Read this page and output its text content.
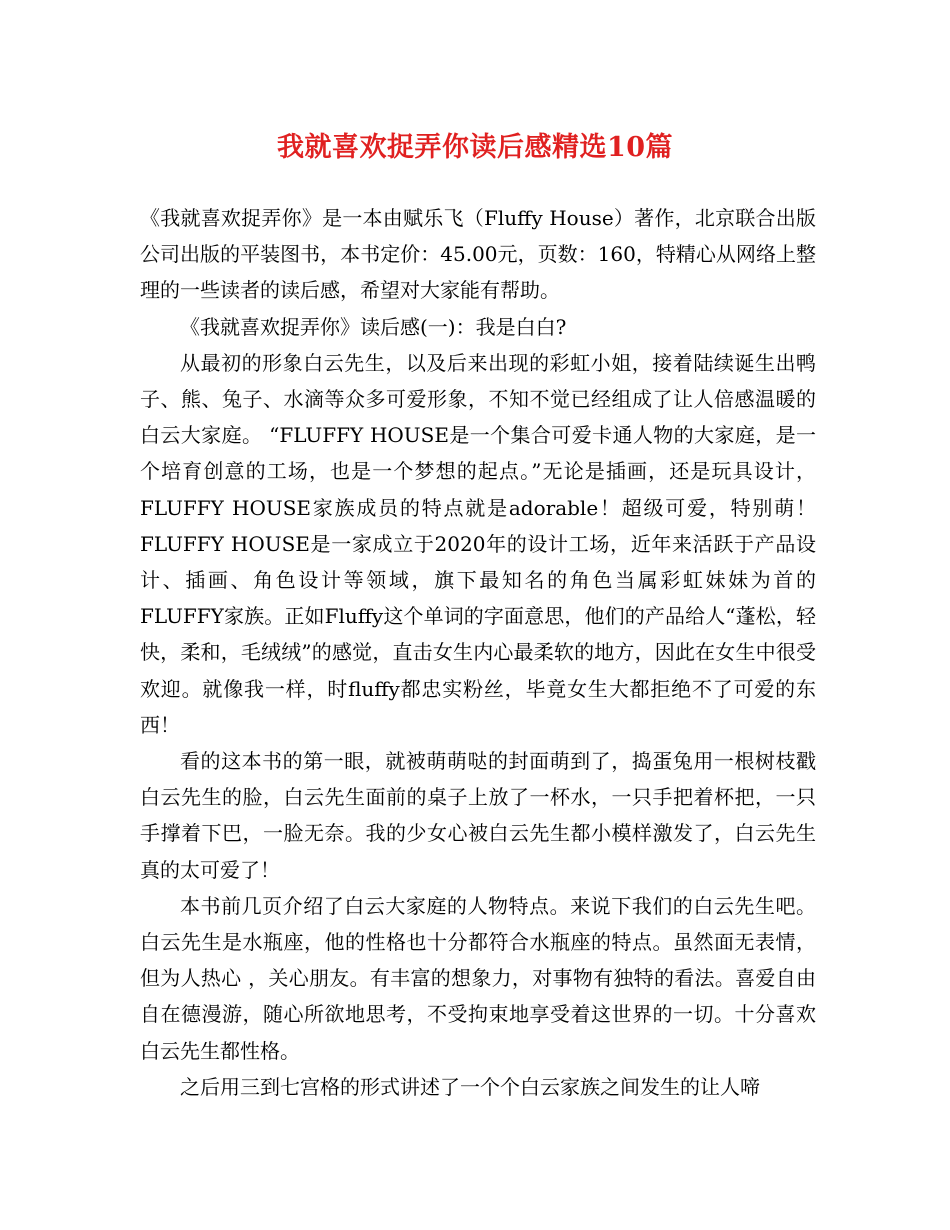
我就喜欢捉弄你读后感精选10篇

《我就喜欢捉弄你》是一本由赋乐飞（Fluffy House）著作，北京联合出版公司出版的平装图书，本书定价：45.00元，页数：160，特精心从网络上整理的一些读者的读后感，希望对大家能有帮助。

《我就喜欢捉弄你》读后感(一)：我是白白?

从最初的形象白云先生，以及后来出现的彩虹小姐，接着陆续诞生出鸭子、熊、兔子、水滴等众多可爱形象，不知不觉已经组成了让人倍感温暖的白云大家庭。 “FLUFFY HOUSE是一个集合可爱卡通人物的大家庭，是一个培育创意的工场，也是一个梦想的起点。”无论是插画，还是玩具设计，FLUFFY HOUSE家族成员的特点就是adorable！超级可爱，特别萌！ FLUFFY HOUSE是一家成立于2020年的设计工场，近年来活跃于产品设计、插画、角色设计等领域，旗下最知名的角色当属彩虹妹妹为首的FLUFFY家族。正如Fluffy这个单词的字面意思，他们的产品给人“蓬松，轻快，柔和，毛绒绒”的感觉，直击女生内心最柔软的地方，因此在女生中很受欢迎。就像我一样，时fluffy都忠实粉丝，毕竟女生大都拒绝不了可爱的东西！

看的这本书的第一眼，就被萌萌哒的封面萌到了，捣蛋兔用一根树枝戳白云先生的脸，白云先生面前的桌子上放了一杯水，一只手把着杯把，一只手撑着下巴，一脸无奈。我的少女心被白云先生都小模样激发了，白云先生真的太可爱了！

本书前几页介绍了白云大家庭的人物特点。来说下我们的白云先生吧。白云先生是水瓶座，他的性格也十分都符合水瓶座的特点。虽然面无表情，但为人热心 ，关心朋友。有丰富的想象力，对事物有独特的看法。喜爱自由自在德漫游，随心所欲地思考，不受拘束地享受着这世界的一切。十分喜欢白云先生都性格。

之后用三到七宫格的形式讲述了一个个白云家族之间发生的让人啼
